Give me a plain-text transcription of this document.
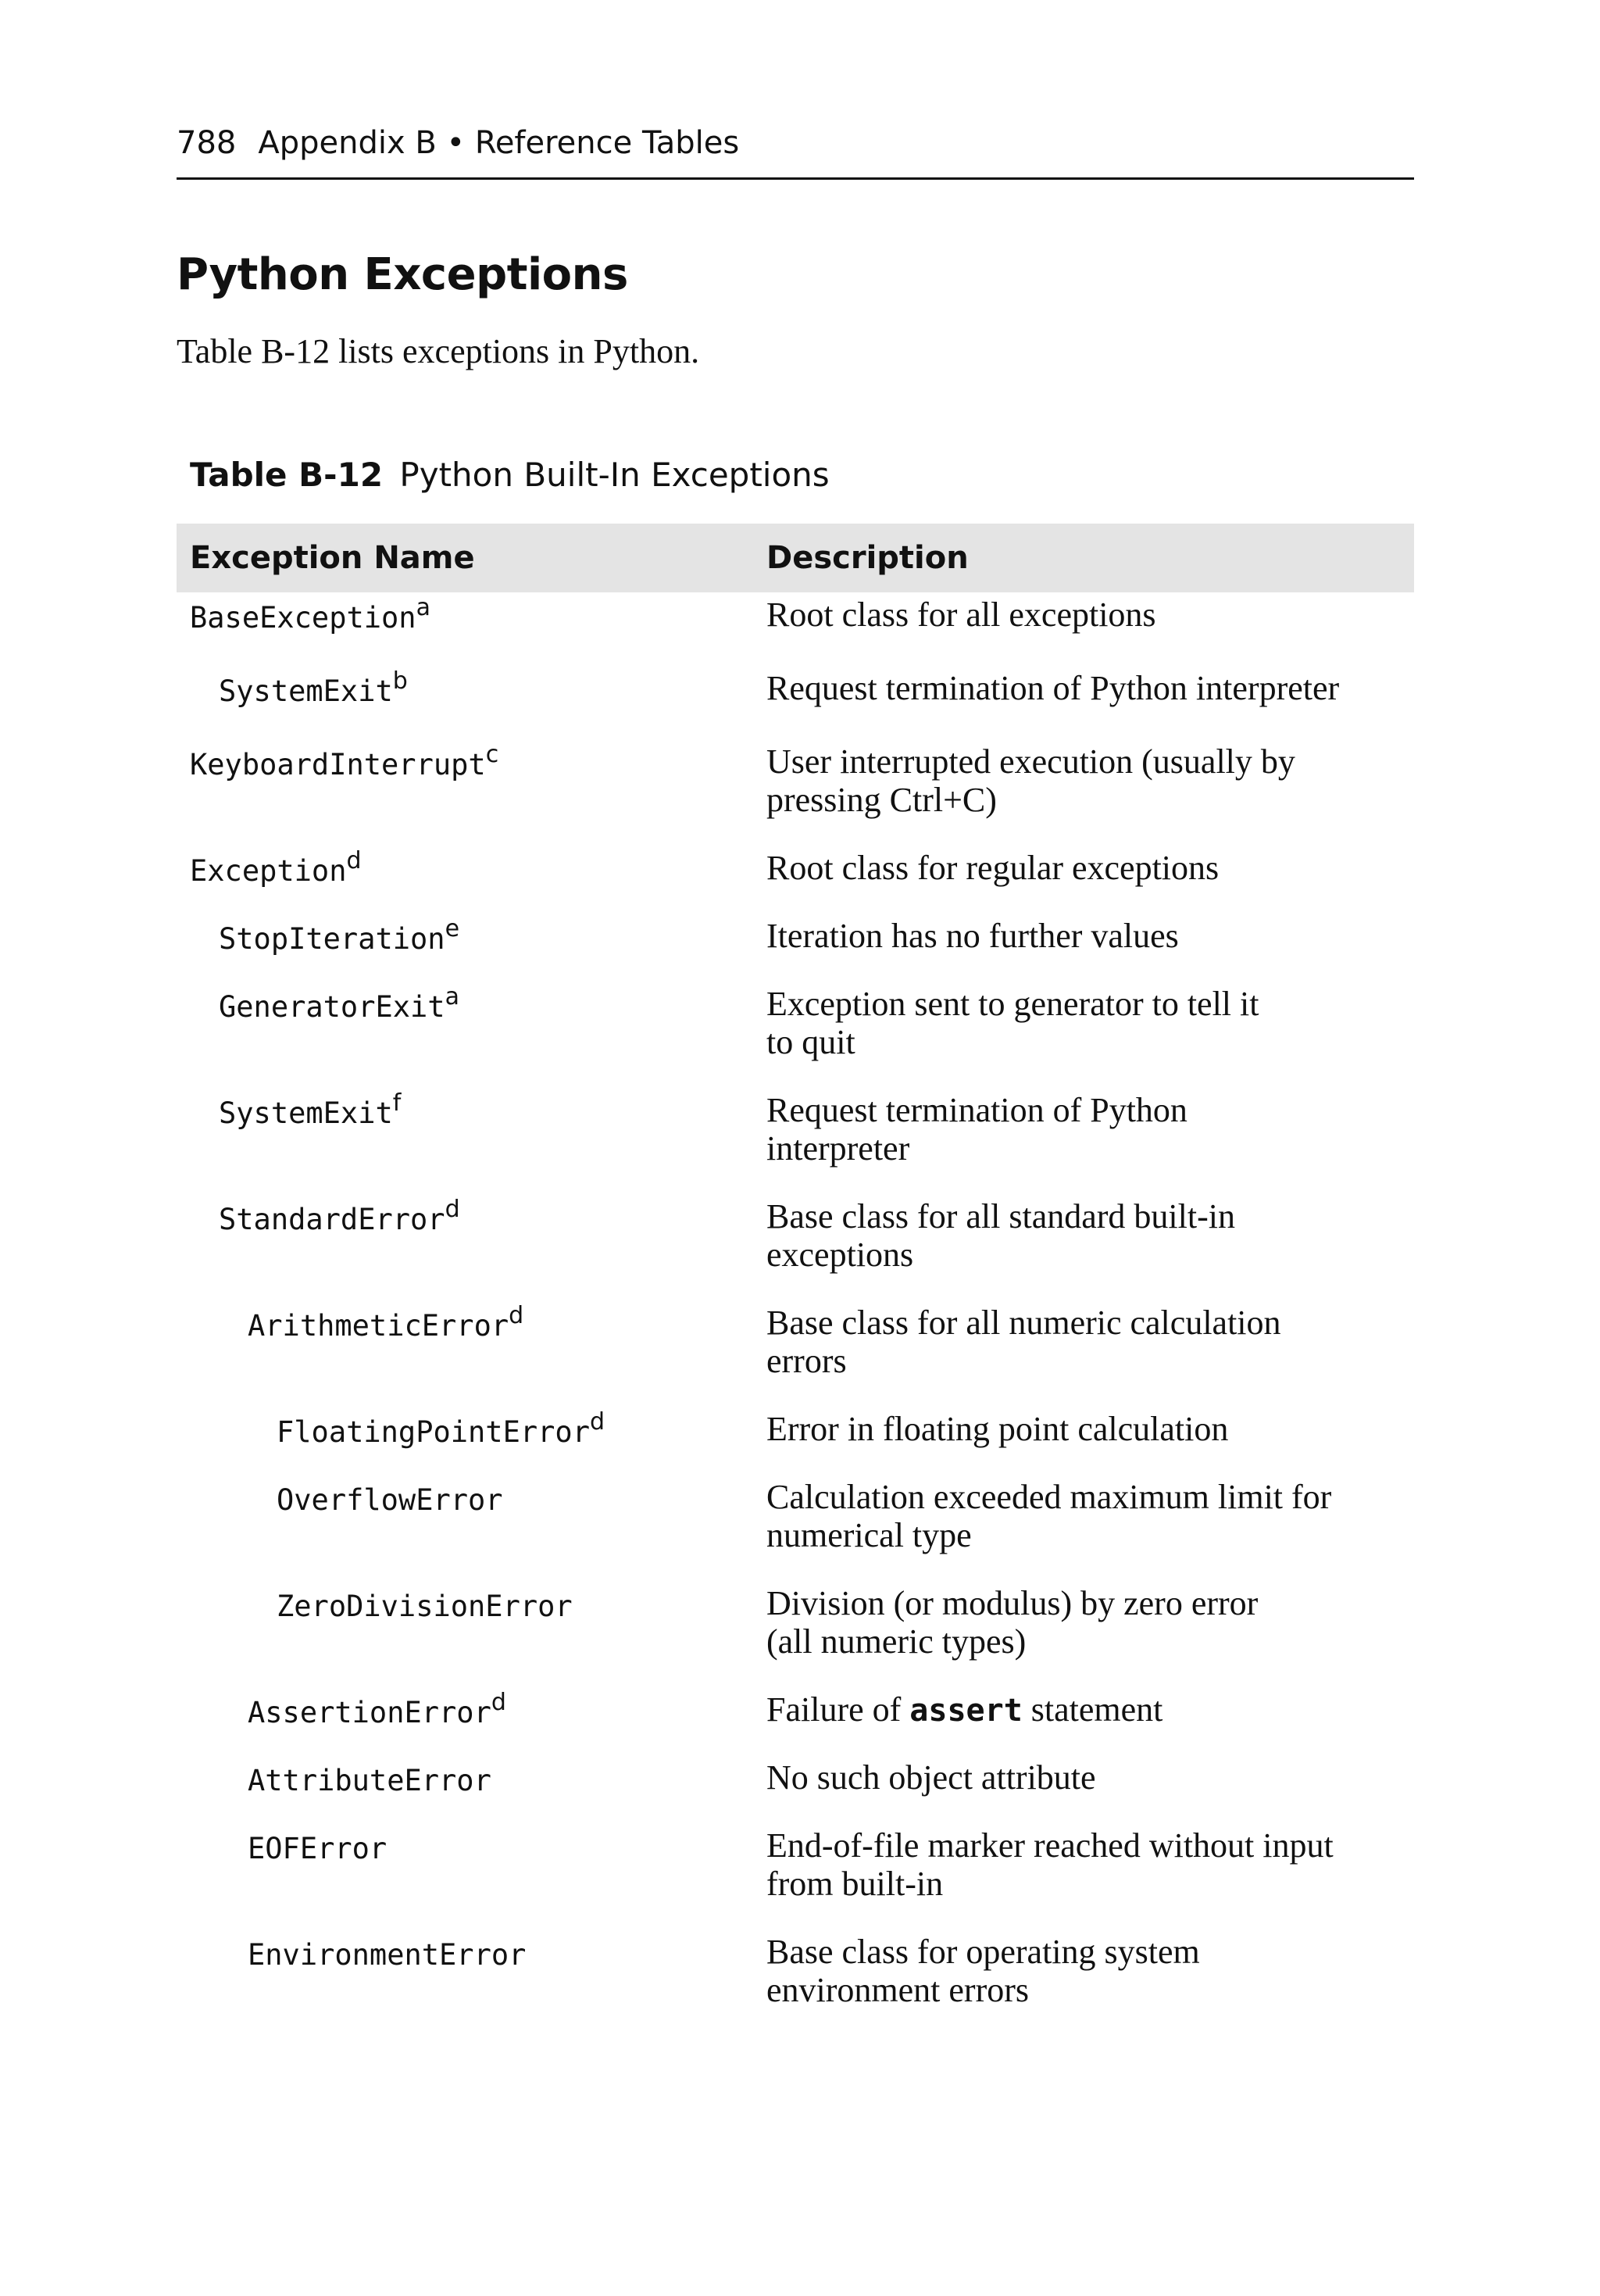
788 Appendix B • Reference Tables
Python Exceptions
Table B-12 lists exceptions in Python.
Table B-12 Python Built-In Exceptions
Exception Name	Description

BaseException$^a$	Root class for all exceptions

SystemExit$^b$	Request termination of Python interpreter

KeyboardInterrupt$^c$	User interrupted execution (usually by
pressing Ctrl+C)

Exception$^d$	Root class for regular exceptions

StopIteration$^e$	Iteration has no further values

GeneratorExit$^a$	Exception sent to generator to tell it
to quit

SystemExit$^f$	Request termination of Python
interpreter

StandardError$^d$	Base class for all standard built-in
exceptions

ArithmeticError$^d$	Base class for all numeric calculation
errors

FloatingPointError$^d$	Error in floating point calculation

OverflowError	Calculation exceeded maximum limit for
numerical type

ZeroDivisionError	Division (or modulus) by zero error
(all numeric types)

AssertionError$^d$	Failure of assert statement

AttributeError	No such object attribute

EOFError	End-of-file marker reached without input
from built-in

EnvironmentError	Base class for operating system
environment errors
